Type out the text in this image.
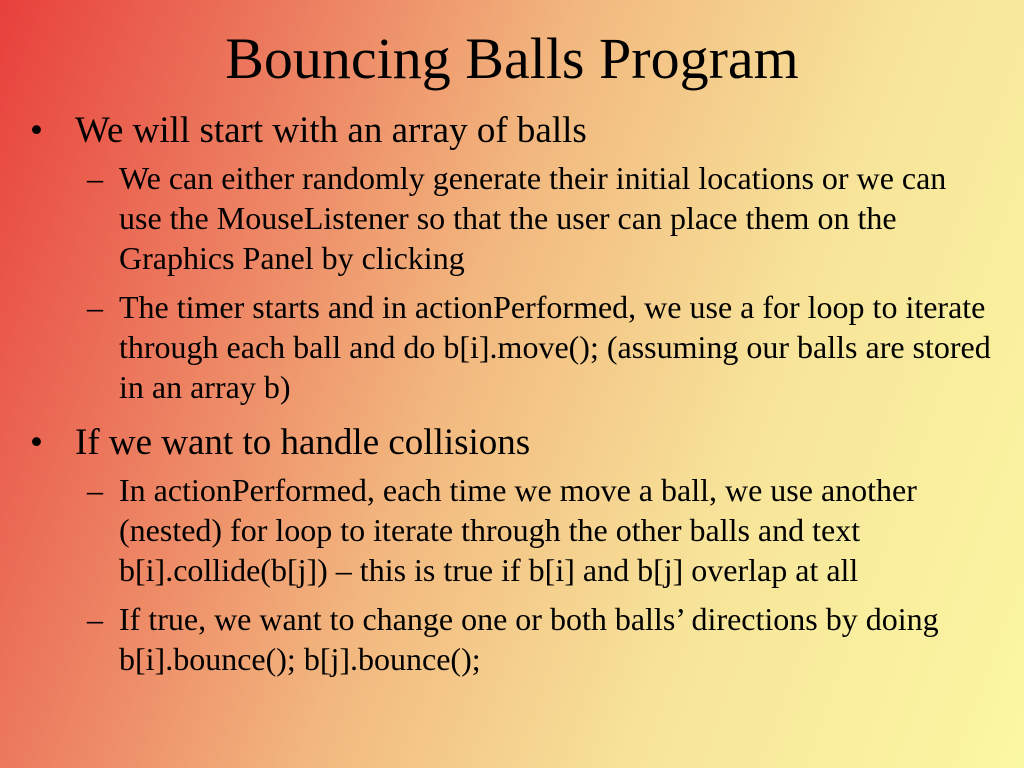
Bouncing Balls Program
• We will start with an array of balls
– We can either randomly generate their initial locations or we can use the MouseListener so that the user can place them on the Graphics Panel by clicking
– The timer starts and in actionPerformed, we use a for loop to iterate through each ball and do b[i].move(); (assuming our balls are stored in an array b)
• If we want to handle collisions
– In actionPerformed, each time we move a ball, we use another (nested) for loop to iterate through the other balls and text b[i].collide(b[j]) – this is true if b[i] and b[j] overlap at all
– If true, we want to change one or both balls’ directions by doing b[i].bounce(); b[j].bounce();
